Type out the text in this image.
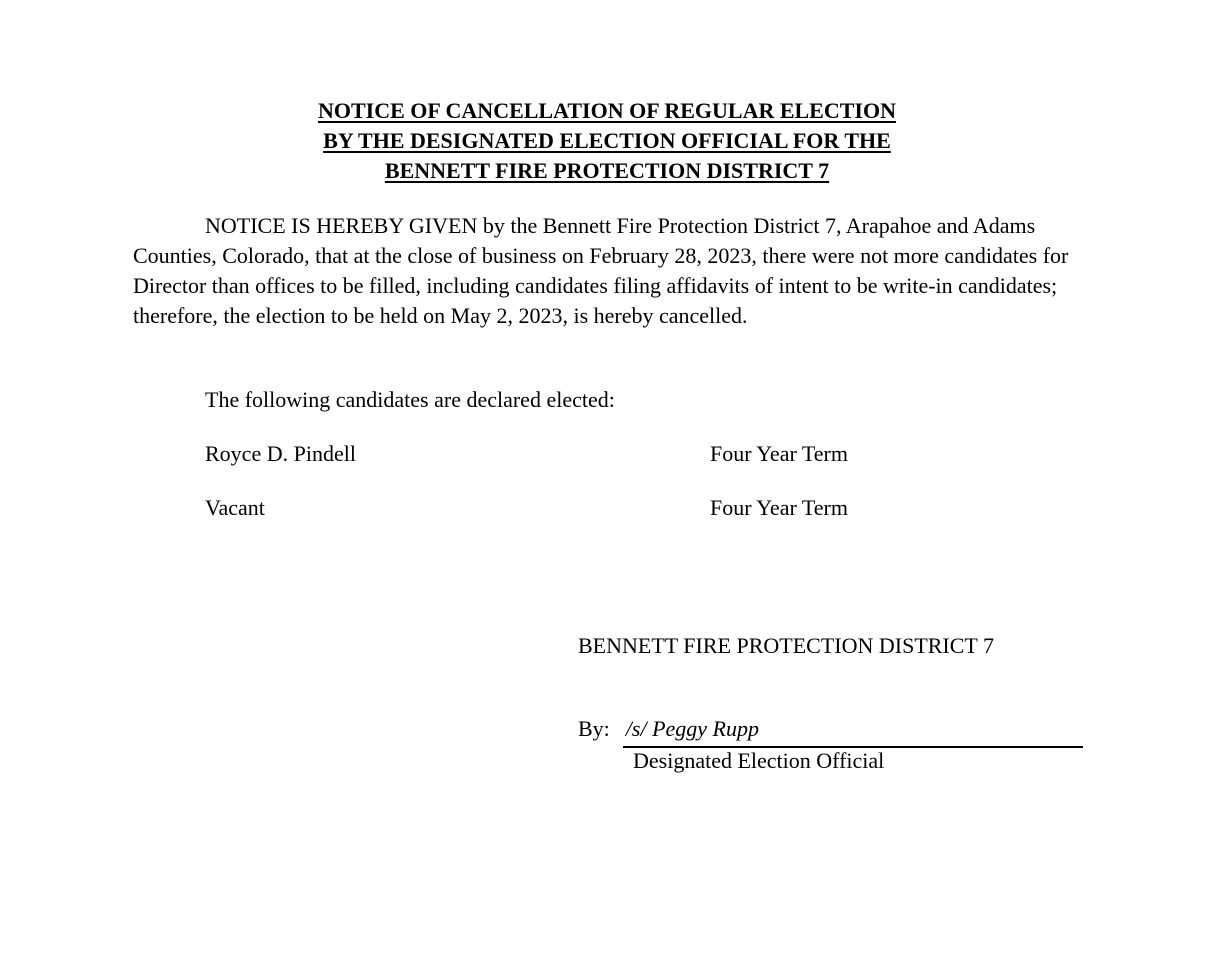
NOTICE OF CANCELLATION OF REGULAR ELECTION
BY THE DESIGNATED ELECTION OFFICIAL FOR THE
BENNETT FIRE PROTECTION DISTRICT 7

NOTICE IS HEREBY GIVEN by the Bennett Fire Protection District 7, Arapahoe and Adams Counties, Colorado, that at the close of business on February 28, 2023, there were not more candidates for Director than offices to be filled, including candidates filing affidavits of intent to be write-in candidates; therefore, the election to be held on May 2, 2023, is hereby cancelled.

The following candidates are declared elected:

Royce D. Pindell	Four Year Term
Vacant	Four Year Term
BENNETT FIRE PROTECTION DISTRICT 7
By: /s/ Peggy Rupp
Designated Election Official
